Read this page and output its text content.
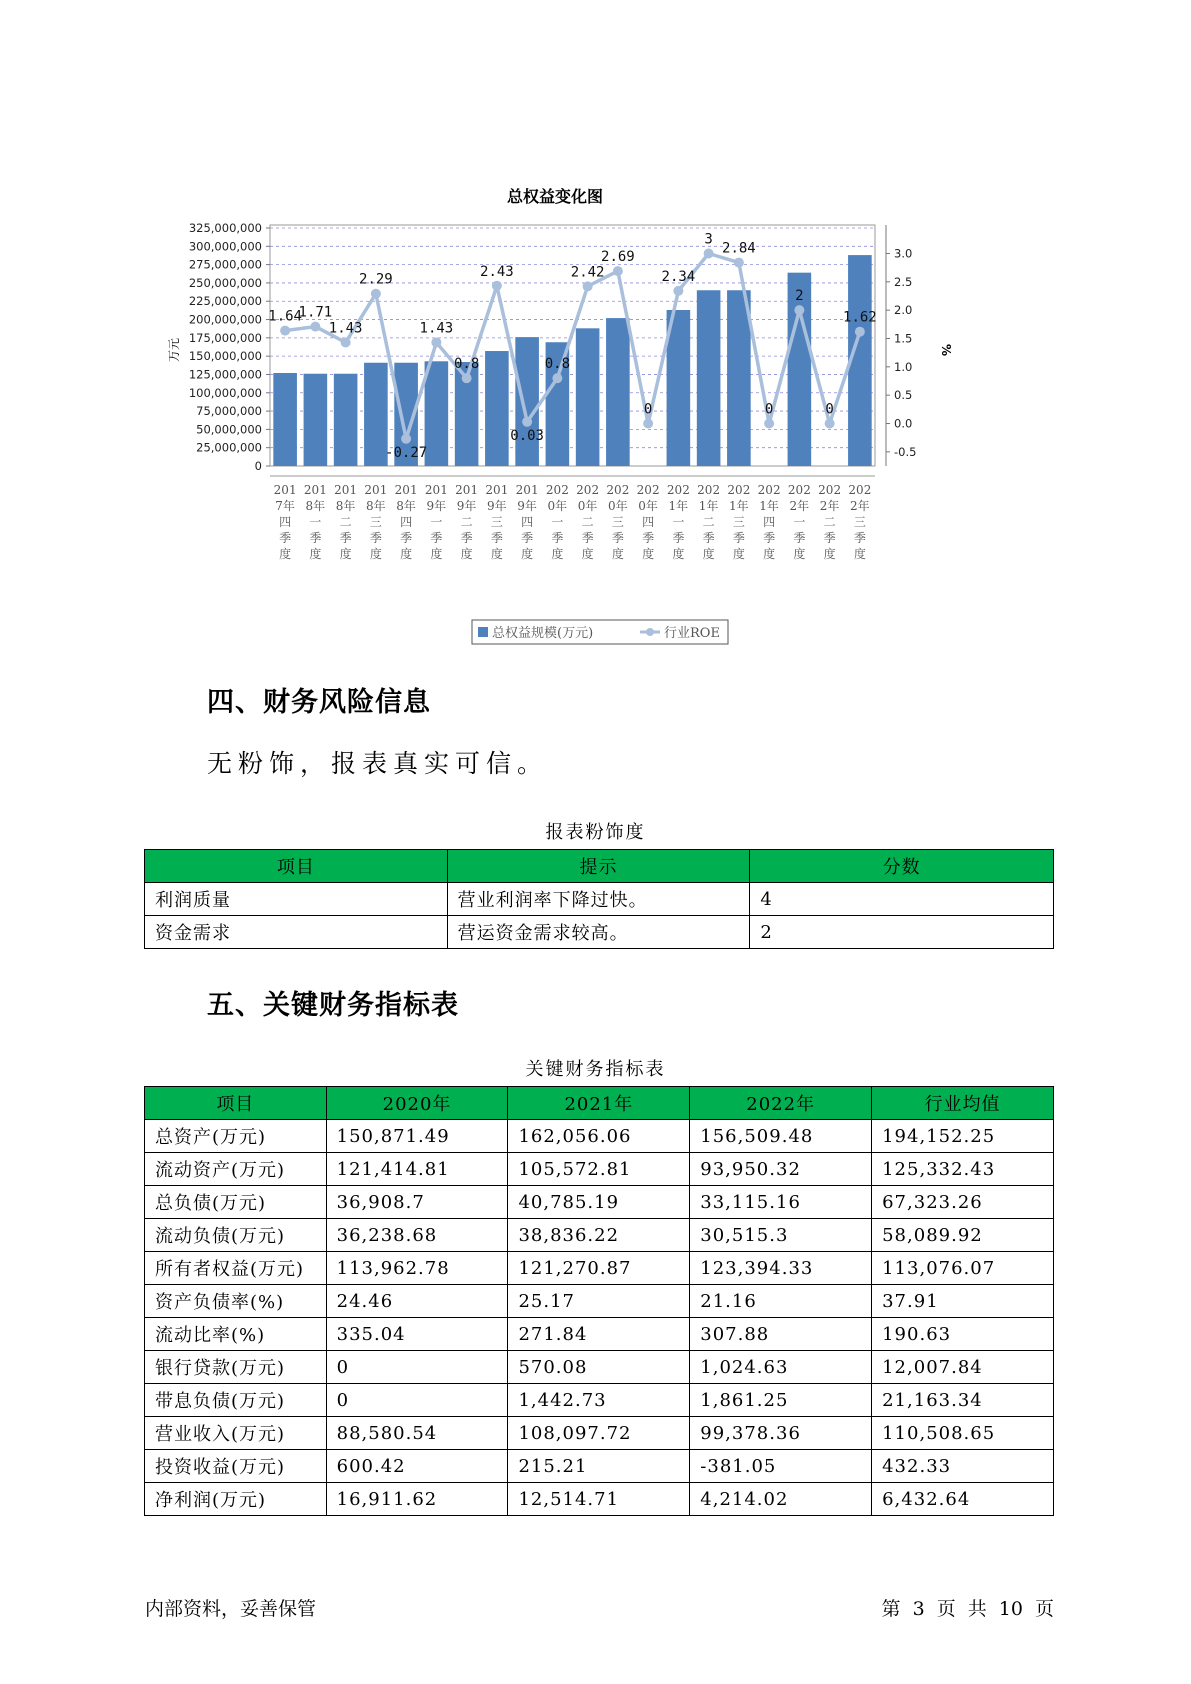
总权益变化图
0
25,000,000
50,000,000
75,000,000
100,000,000
125,000,000
150,000,000
175,000,000
200,000,000
225,000,000
250,000,000
275,000,000
300,000,000
325,000,000
万元
-0.5
0.0
0.5
1.0
1.5
2.0
2.5
3.0
%
1.64
1.71
1.43
2.29
-0.27
1.43
0.8
2.43
0.03
0.8
2.42
2.69
0
2.34
3
2.84
0
2
0
1.62
201
7年
四
季
度
201
8年
一
季
度
201
8年
二
季
度
201
8年
三
季
度
201
8年
四
季
度
201
9年
一
季
度
201
9年
二
季
度
201
9年
三
季
度
201
9年
四
季
度
202
0年
一
季
度
202
0年
二
季
度
202
0年
三
季
度
202
0年
四
季
度
202
1年
一
季
度
202
1年
二
季
度
202
1年
三
季
度
202
1年
四
季
度
202
2年
一
季
度
202
2年
二
季
度
202
2年
三
季
度
总权益规模(万元)	行业ROE
四、财务风险信息
无粉饰，报表真实可信。
报表粉饰度
项目	提示	分数
利润质量	营业利润率下降过快。	4
资金需求	营运资金需求较高。	2
五、关键财务指标表
关键财务指标表
项目	2020年	2021年	2022年	行业均值
总资产(万元)	150,871.49	162,056.06	156,509.48	194,152.25
流动资产(万元)	121,414.81	105,572.81	93,950.32	125,332.43
总负债(万元)	36,908.7	40,785.19	33,115.16	67,323.26
流动负债(万元)	36,238.68	38,836.22	30,515.3	58,089.92
所有者权益(万元)	113,962.78	121,270.87	123,394.33	113,076.07
资产负债率(%)	24.46	25.17	21.16	37.91
流动比率(%)	335.04	271.84	307.88	190.63
银行贷款(万元)	0	570.08	1,024.63	12,007.84
带息负债(万元)	0	1,442.73	1,861.25	21,163.34
营业收入(万元)	88,580.54	108,097.72	99,378.36	110,508.65
投资收益(万元)	600.42	215.21	-381.05	432.33
净利润(万元)	16,911.62	12,514.71	4,214.02	6,432.64
内部资料，妥善保管	第 3 页 共 10 页
